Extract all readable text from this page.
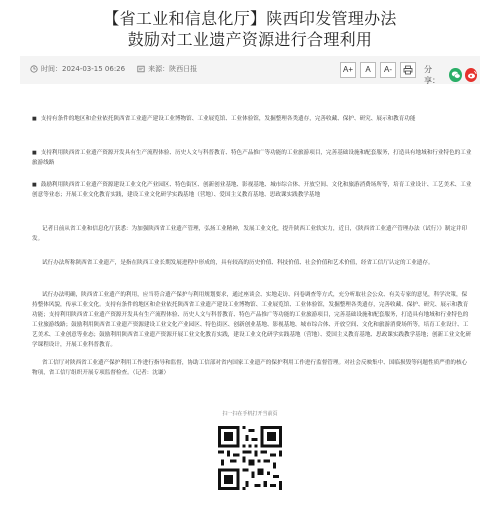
【省工业和信息化厅】陕西印发管理办法
鼓励对工业遗产资源进行合理利用
时间：2024-03-15 06:26	来源：陕西日报	A+	A	A-	分享：
■ 支持有条件的地区和企业依托陕西省工业遗产建设工业博物馆、工业展览馆、工业体验馆，发掘整理各类遗存，完善收藏、保护、研究、展示和教育功能
■ 支持利用陕西省工业遗产资源开发具有生产流程体验、历史人文与科普教育、特色产品推广等功能的工业旅游项目，完善基础设施和配套服务，打造具有地域和行业特色的工业旅游线路
■ 鼓励利用陕西省工业遗产资源建设工业文化产业园区、特色街区、创新创业基地、影视基地、城市综合体、开放空间、文化和旅游消费场所等，培育工业设计、工艺美术、工业创意等业态；开展工业文化教育实践，建设工业文化研学实践基地（营地）、爱国主义教育基地、思政课实践教学基地
记者日前从省工业和信息化厅获悉：为加强陕西省工业遗产管理，弘扬工业精神，发展工业文化，提升陕西工业软实力，近日，《陕西省工业遗产管理办法（试行）》制定并印发。
试行办法所称陕西省工业遗产，是指在陕西工业长期发展进程中形成的，具有较高的历史价值、科技价值、社会价值和艺术价值，经省工信厅认定的工业遗存。
试行办法明确，陕西省工业遗产的利用，应当符合遗产保护与利用规划要求，通过座谈会、实地走访、问卷调查等方式，充分听取社会公众、有关专家的意见，科学决策，保持整体风貌，传承工业文化。支持有条件的地区和企业依托陕西省工业遗产建设工业博物馆、工业展览馆、工业体验馆，发掘整理各类遗存，完善收藏、保护、研究、展示和教育功能；支持利用陕西省工业遗产资源开发具有生产流程体验、历史人文与科普教育、特色产品推广等功能的工业旅游项目，完善基础设施和配套服务，打造具有地域和行业特色的工业旅游线路；鼓励利用陕西省工业遗产资源建设工业文化产业园区、特色街区、创新创业基地、影视基地、城市综合体、开放空间、文化和旅游消费场所等，培育工业设计、工艺美术、工业创意等业态；鼓励利用陕西省工业遗产资源开展工业文化教育实践，建设工业文化研学实践基地（营地）、爱国主义教育基地、思政课实践教学基地；创新工业文化研学课程设计，开展工业科普教育。
省工信厅对陕西省工业遗产保护利用工作进行指导和监督，协助工信部对省内国家工业遗产的保护利用工作进行监督管理。对社会反映集中、国临损毁等问题性质严重的核心物项，省工信厅组织开展专项监督检查。（记者：沈谦）
扫一扫在手机打开当前页
